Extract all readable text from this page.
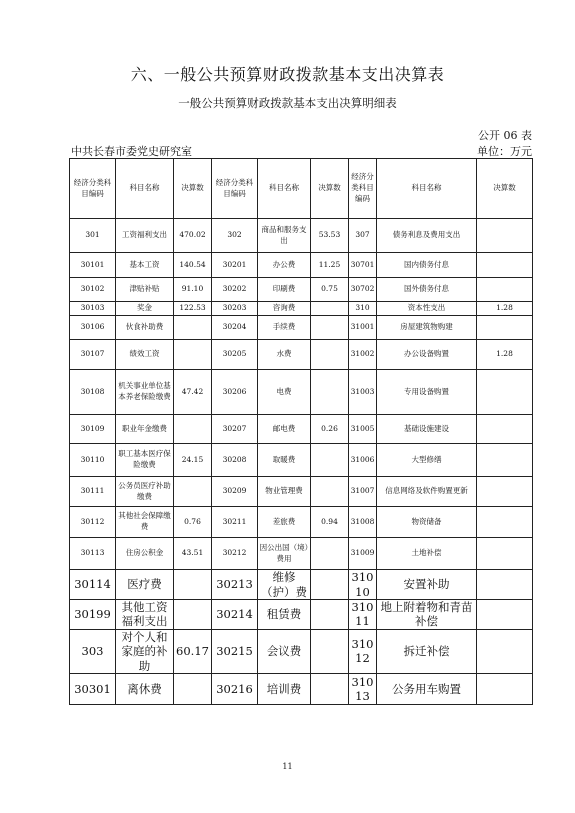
六、一般公共预算财政拨款基本支出决算表
一般公共预算财政拨款基本支出决算明细表
公开 06 表
中共长春市委党史研究室	单位：万元
经济分类科目编码	科目名称	决算数	经济分类科目编码	科目名称	决算数	经济分类科目编码	科目名称	决算数
301	工资福利支出	470.02	302	商品和服务支出	53.53	307	债务利息及费用支出	
30101	基本工资	140.54	30201	办公费	11.25	30701	国内债务付息	
30102	津贴补贴	91.10	30202	印刷费	0.75	30702	国外债务付息	
30103	奖金	122.53	30203	咨询费		310	资本性支出	1.28
30106	伙食补助费		30204	手续费		31001	房屋建筑物购建	
30107	绩效工资		30205	水费		31002	办公设备购置	1.28
30108	机关事业单位基本养老保险缴费	47.42	30206	电费		31003	专用设备购置	
30109	职业年金缴费		30207	邮电费	0.26	31005	基础设施建设	
30110	职工基本医疗保险缴费	24.15	30208	取暖费		31006	大型修缮	
30111	公务员医疗补助缴费		30209	物业管理费		31007	信息网络及软件购置更新	
30112	其他社会保障缴费	0.76	30211	差旅费	0.94	31008	物资储备	
30113	住房公积金	43.51	30212	因公出国（境）费用		31009	土地补偿	
30114	医疗费		30213	维修（护）费		31010	安置补助	
30199	其他工资福利支出		30214	租赁费		31011	地上附着物和青苗补偿	
303	对个人和家庭的补助	60.17	30215	会议费		31012	拆迁补偿	
30301	离休费		30216	培训费		31013	公务用车购置	
11
